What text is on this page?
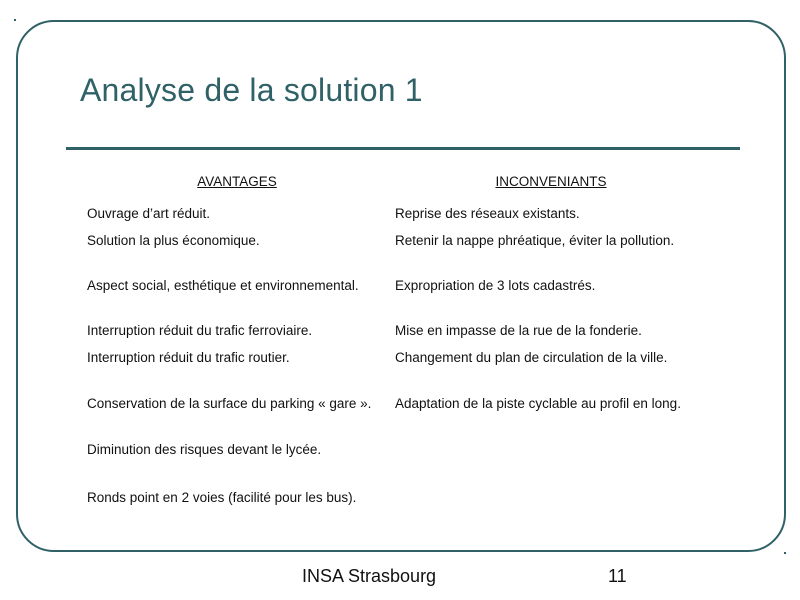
Analyse de la solution 1
AVANTAGES
Ouvrage d’art réduit.
Solution la plus économique.
Aspect social, esthétique et environnemental.
Interruption réduit du trafic ferroviaire.
Interruption réduit du trafic routier.
Conservation de la surface du parking « gare ».
Diminution des risques devant le lycée.
Ronds point en 2 voies (facilité pour les bus).
INCONVENIANTS
Reprise des réseaux existants.
Retenir la nappe phréatique, éviter la pollution.
Expropriation de 3 lots cadastrés.
Mise en impasse de la rue de la fonderie.
Changement du plan de circulation de la ville.
Adaptation de la piste cyclable au profil en long.
INSA Strasbourg	11
